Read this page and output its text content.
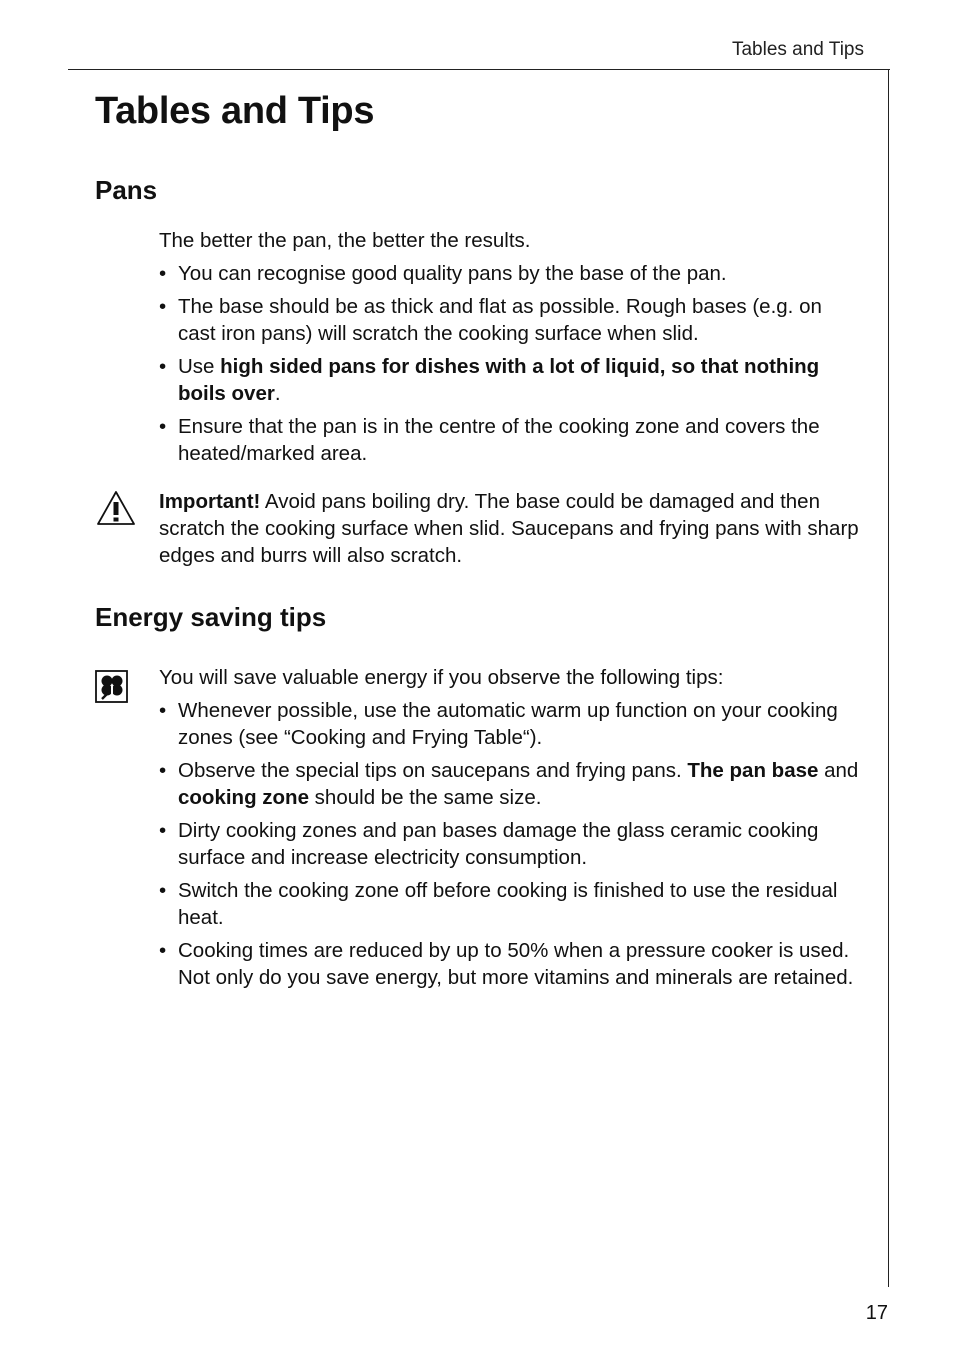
Tables and Tips
Tables and Tips
Pans

The better the pan, the better the results.

• You can recognise good quality pans by the base of the pan.
• The base should be as thick and flat as possible. Rough bases (e.g. on cast iron pans) will scratch the cooking surface when slid.
• Use high sided pans for dishes with a lot of liquid, so that nothing boils over.
• Ensure that the pan is in the centre of the cooking zone and covers the heated/marked area.

Important! Avoid pans boiling dry. The base could be damaged and then scratch the cooking surface when slid. Saucepans and frying pans with sharp edges and burrs will also scratch.

Energy saving tips

You will save valuable energy if you observe the following tips:

• Whenever possible, use the automatic warm up function on your cooking zones (see “Cooking and Frying Table“).
• Observe the special tips on saucepans and frying pans. The pan base and cooking zone should be the same size.
• Dirty cooking zones and pan bases damage the glass ceramic cooking surface and increase electricity consumption.
• Switch the cooking zone off before cooking is finished to use the residual heat.
• Cooking times are reduced by up to 50% when a pressure cooker is used. Not only do you save energy, but more vitamins and minerals are retained.
17
